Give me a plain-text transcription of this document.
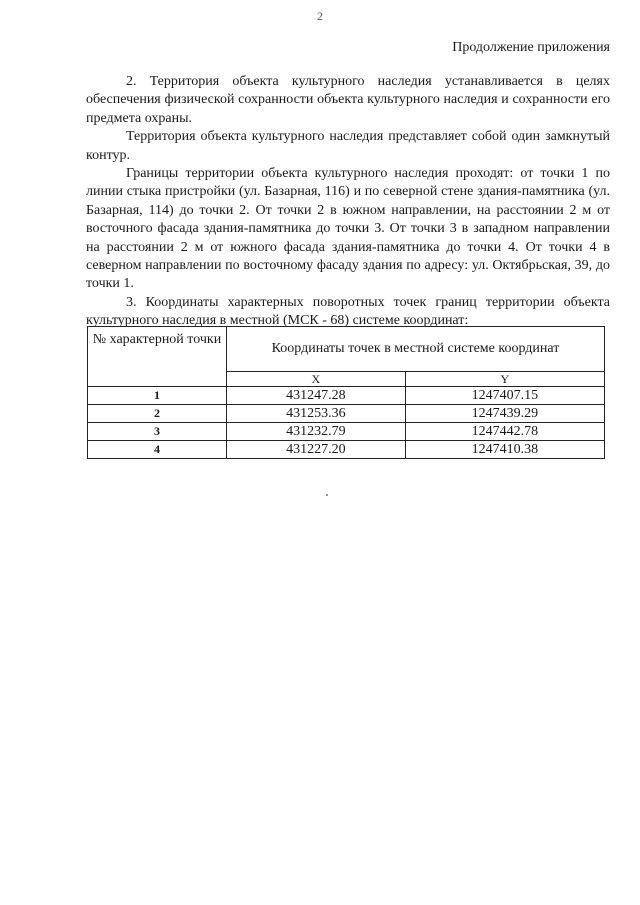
2
Продолжение приложения

2. Территория объекта культурного наследия устанавливается в целях обеспечения физической сохранности объекта культурного наследия и сохранности его предмета охраны.

Территория объекта культурного наследия представляет собой один замкнутый контур.

Границы территории объекта культурного наследия проходят: от точки 1 по линии стыка пристройки (ул. Базарная, 116) и по северной стене здания-памятника (ул. Базарная, 114) до точки 2. От точки 2 в южном направлении, на расстоянии 2 м от восточного фасада здания-памятника до точки 3. От точки 3 в западном направлении на расстоянии 2 м от южного фасада здания-памятника до точки 4. От точки 4 в северном направлении по восточному фасаду здания по адресу: ул. Октябрьская, 39, до точки 1.

3. Координаты характерных поворотных точек границ территории объекта культурного наследия в местной (МСК - 68) системе координат:

№ характерной точки	Координаты точек в местной системе координат	
	X	Y
1	431247.28	1247407.15
2	431253.36	1247439.29
3	431232.79	1247442.78
4	431227.20	1247410.38
